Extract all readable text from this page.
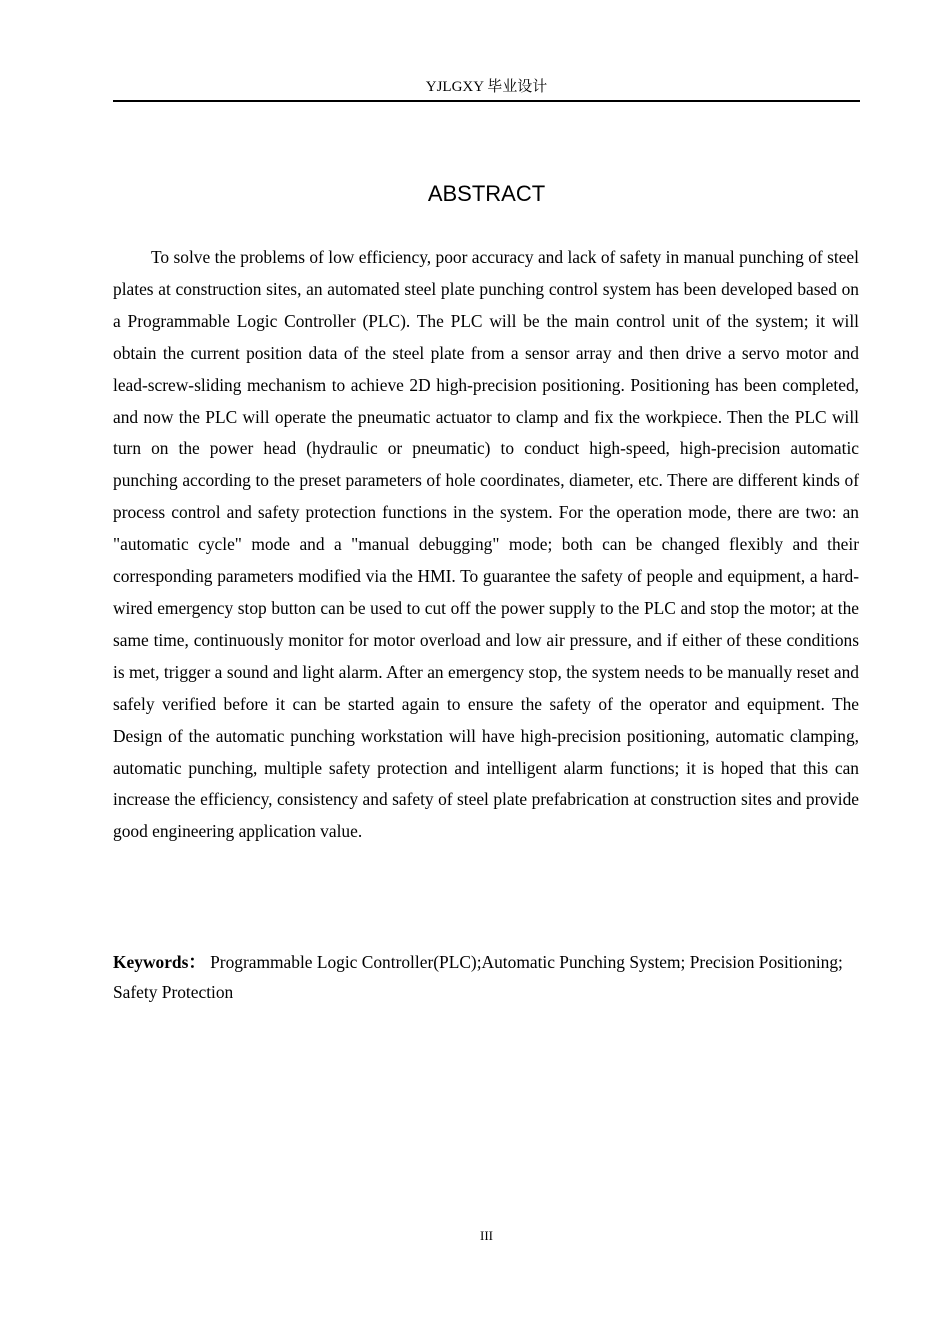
YJLGXY 毕业设计
ABSTRACT

To solve the problems of low efficiency, poor accuracy and lack of safety in manual punching of steel plates at construction sites, an automated steel plate punching control system has been developed based on a Programmable Logic Controller (PLC). The PLC will be the main control unit of the system; it will obtain the current position data of the steel plate from a sensor array and then drive a servo motor and lead-screw-sliding mechanism to achieve 2D high-precision positioning. Positioning has been completed, and now the PLC will operate the pneumatic actuator to clamp and fix the workpiece. Then the PLC will turn on the power head (hydraulic or pneumatic) to conduct high-speed, high-precision automatic punching according to the preset parameters of hole coordinates, diameter, etc. There are different kinds of process control and safety protection functions in the system. For the operation mode, there are two: an "automatic cycle" mode and a "manual debugging" mode; both can be changed flexibly and their corresponding parameters modified via the HMI. To guarantee the safety of people and equipment, a hard-wired emergency stop button can be used to cut off the power supply to the PLC and stop the motor; at the same time, continuously monitor for motor overload and low air pressure, and if either of these conditions is met, trigger a sound and light alarm. After an emergency stop, the system needs to be manually reset and safely verified before it can be started again to ensure the safety of the operator and equipment. The Design of the automatic punching workstation will have high-precision positioning, automatic clamping, automatic punching, multiple safety protection and intelligent alarm functions; it is hoped that this can increase the efficiency, consistency and safety of steel plate prefabrication at construction sites and provide good engineering application value.

Keywords： Programmable Logic Controller(PLC);Automatic Punching System; Precision Positioning; Safety Protection

III
